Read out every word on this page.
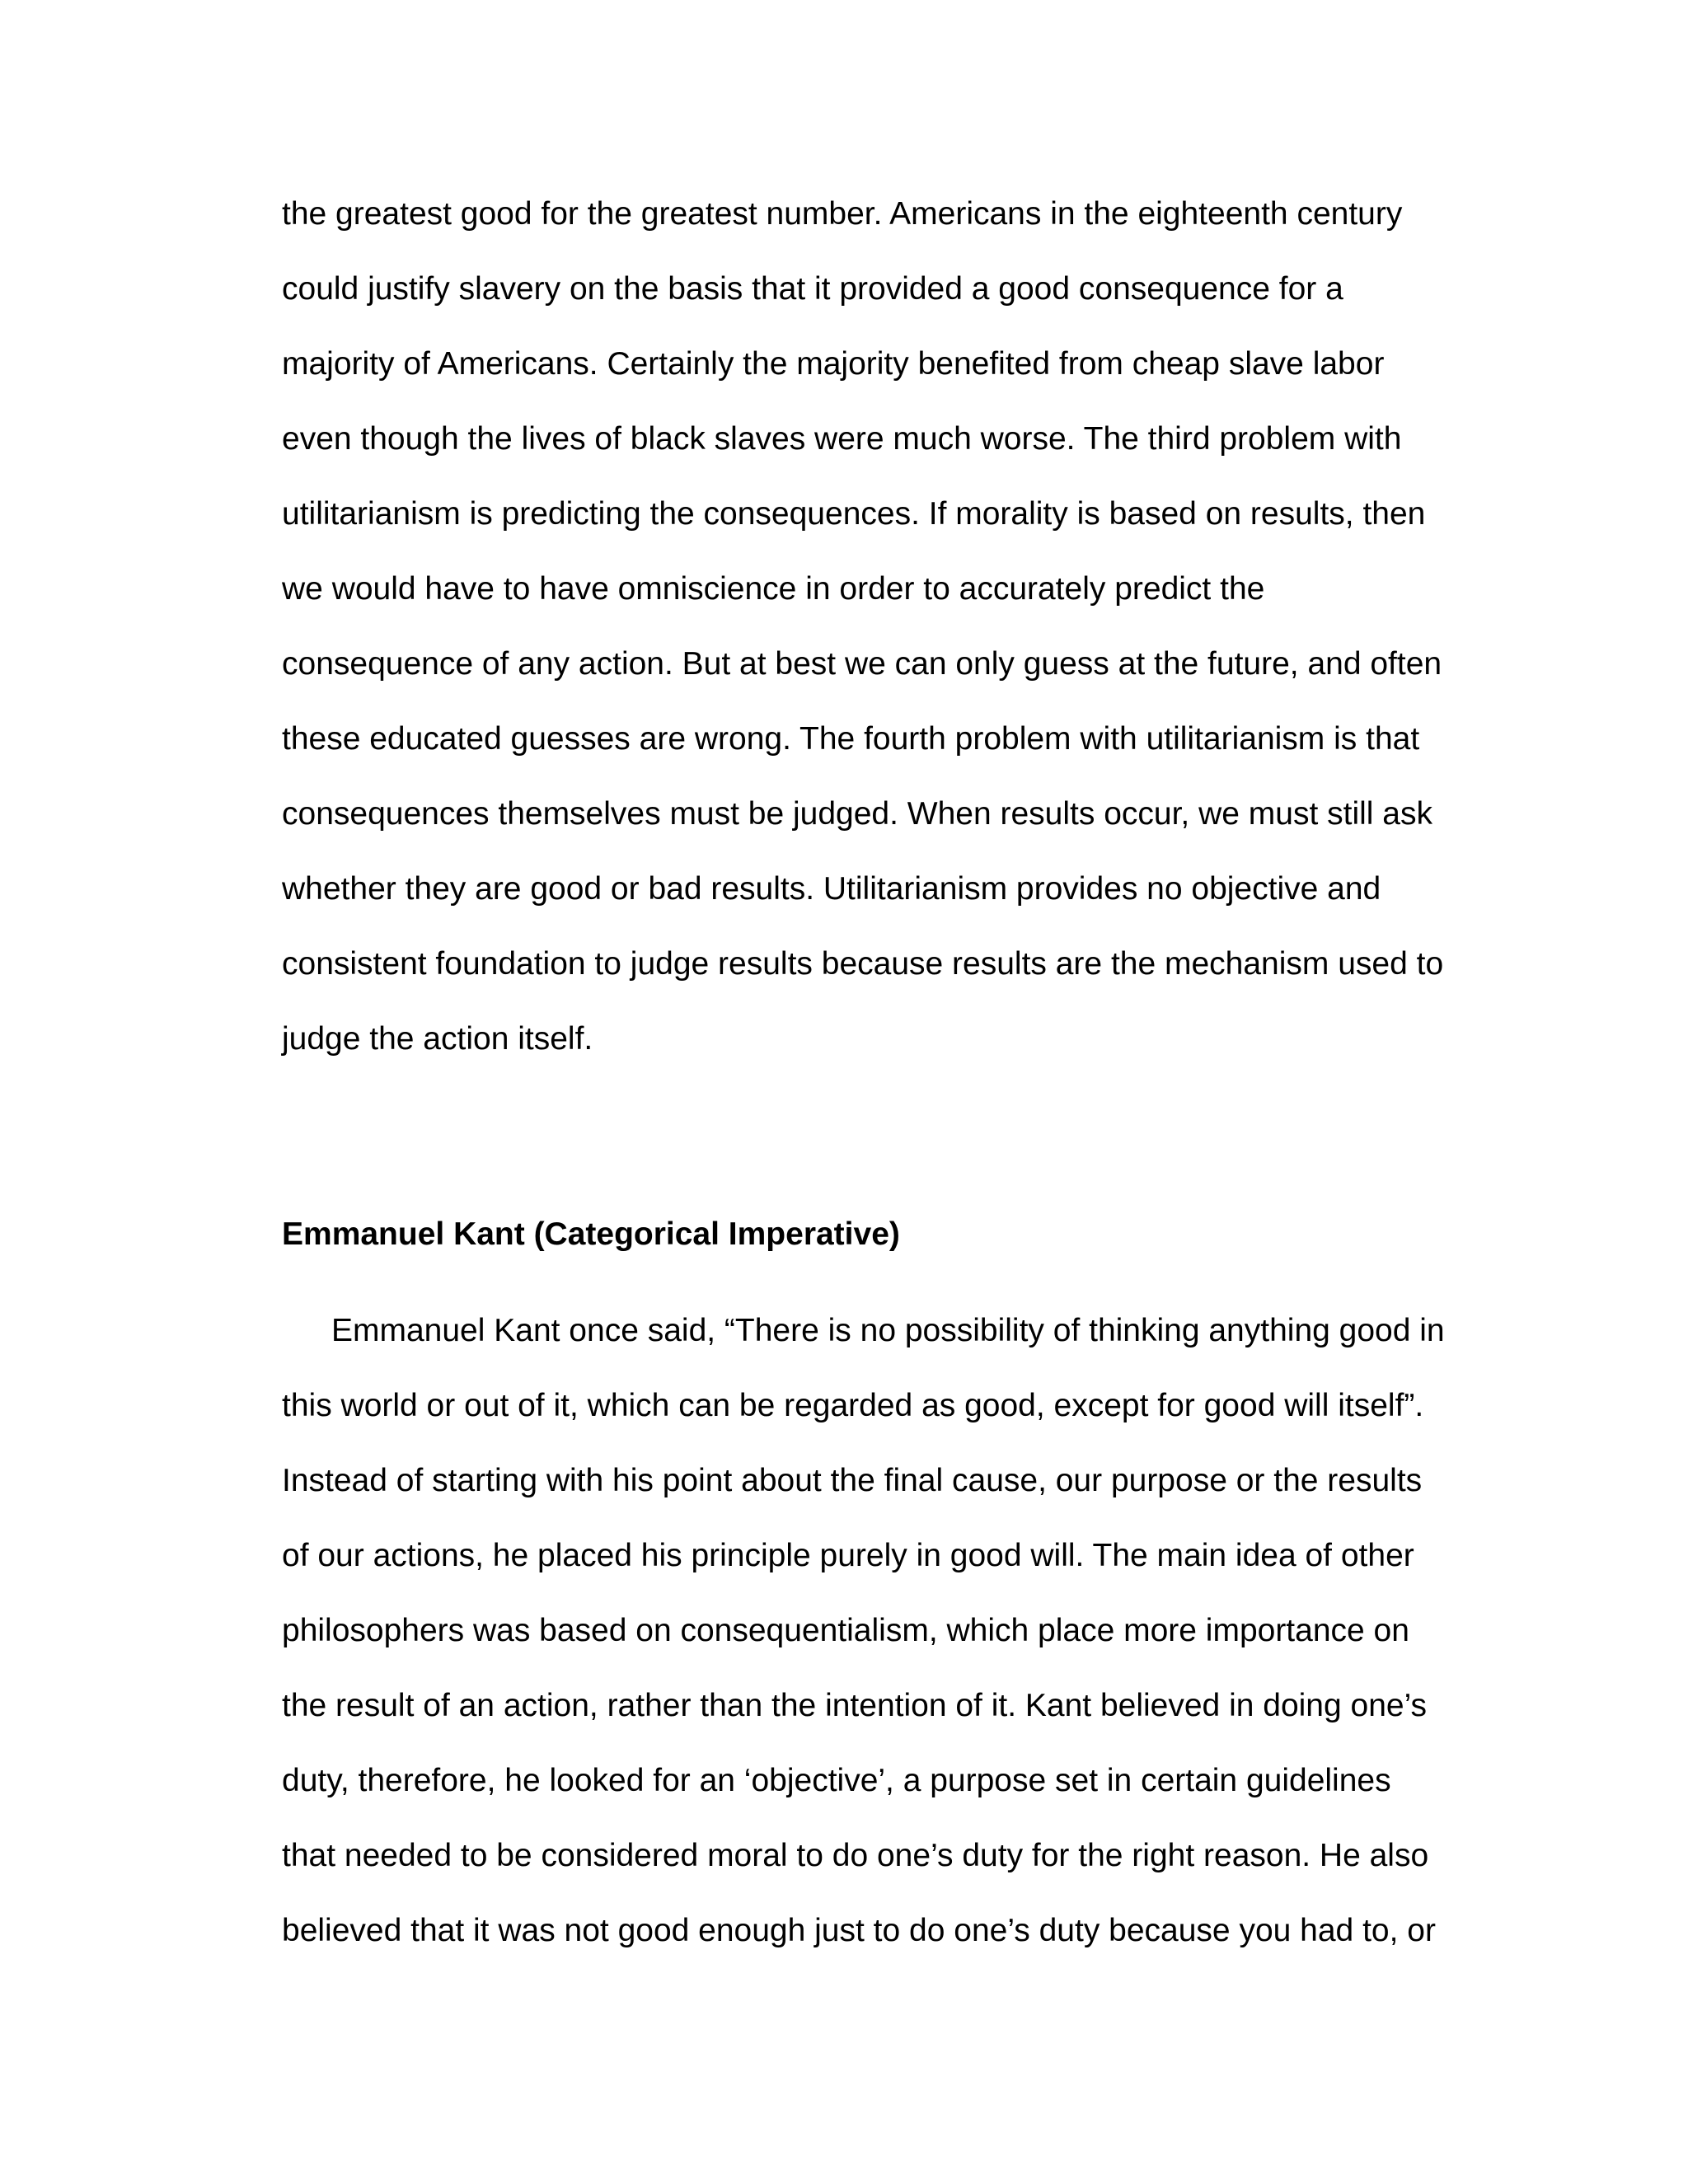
the greatest good for the greatest number. Americans in the eighteenth century

could justify slavery on the basis that it provided a good consequence for a

majority of Americans. Certainly the majority benefited from cheap slave labor

even though the lives of black slaves were much worse. The third problem with

utilitarianism is predicting the consequences. If morality is based on results, then

we would have to have omniscience in order to accurately predict the

consequence of any action. But at best we can only guess at the future, and often

these educated guesses are wrong. The fourth problem with utilitarianism is that

consequences themselves must be judged. When results occur, we must still ask

whether they are good or bad results. Utilitarianism provides no objective and

consistent foundation to judge results because results are the mechanism used to

judge the action itself.

Emmanuel Kant (Categorical Imperative)

Emmanuel Kant once said, “There is no possibility of thinking anything good in

this world or out of it, which can be regarded as good, except for good will itself”.

Instead of starting with his point about the final cause, our purpose or the results

of our actions, he placed his principle purely in good will. The main idea of other

philosophers was based on consequentialism, which place more importance on

the result of an action, rather than the intention of it. Kant believed in doing one’s

duty, therefore, he looked for an ‘objective’, a purpose set in certain guidelines

that needed to be considered moral to do one’s duty for the right reason. He also

believed that it was not good enough just to do one’s duty because you had to, or
